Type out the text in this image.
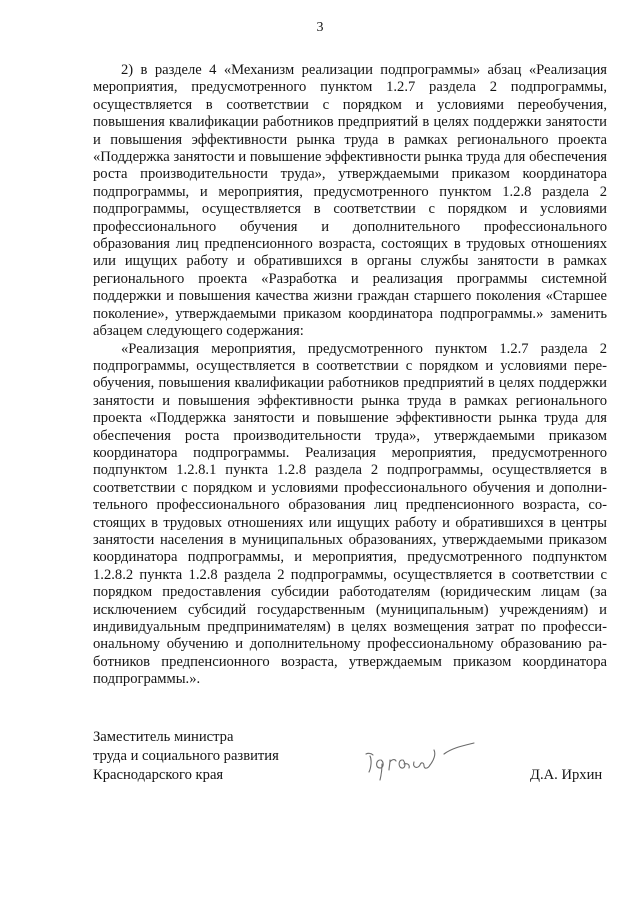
3

2) в разделе 4 «Механизм реализации подпрограммы» абзац «Реализация мероприятия, предусмотренного пунктом 1.2.7 раздела 2 подпрограммы, осуществляется в соответствии с порядком и условиями переобучения, повышения квалификации работников предприятий в целях поддержки занятости и повышения эффективности рынка труда в рамках регионального проекта «Поддержка занятости и повышение эффективности рынка труда для обеспечения роста производительности труда», утверждаемыми приказом координатора подпрограммы, и мероприятия, предусмотренного пунктом 1.2.8 раздела 2 подпрограммы, осуществляется в соответствии с порядком и условиями профессионального обучения и дополнительного профессионального образования лиц предпенсионного возраста, состоящих в трудовых отношениях или ищущих работу и обратившихся в органы службы занятости в рамках регионального проекта «Разработка и реализация программы системной поддержки и повышения качества жизни граждан старшего поколения «Старшее поколение», утверждаемыми приказом координатора подпрограммы.» заменить абзацем следующего содержания:

«Реализация мероприятия, предусмотренного пунктом 1.2.7 раздела 2 подпрограммы, осуществляется в соответствии с порядком и условиями переобучения, повышения квалификации работников предприятий в целях поддержки занятости и повышения эффективности рынка труда в рамках регионального проекта «Поддержка занятости и повышение эффективности рынка труда для обеспечения роста производительности труда», утверждаемыми приказом координатора подпрограммы. Реализация мероприятия, предусмотренного подпунктом 1.2.8.1 пункта 1.2.8 раздела 2 подпрограммы, осуществляется в соответствии с порядком и условиями профессионального обучения и дополнительного профессионального образования лиц предпенсионного возраста, состоящих в трудовых отношениях или ищущих работу и обратившихся в центры занятости населения в муниципальных образованиях, утверждаемыми приказом координатора подпрограммы, и мероприятия, предусмотренного подпунктом 1.2.8.2 пункта 1.2.8 раздела 2 подпрограммы, осуществляется в соответствии с порядком предоставления субсидии работодателям (юридическим лицам (за исключением субсидий государственным (муниципальным) учреждениям) и индивидуальным предпринимателям) в целях возмещения затрат по профессиональному обучению и дополнительному профессиональному образованию работников предпенсионного возраста, утверждаемым приказом координатора подпрограммы.».

Заместитель министра
труда и социального развития
Краснодарского края	Д.А. Ирхин
